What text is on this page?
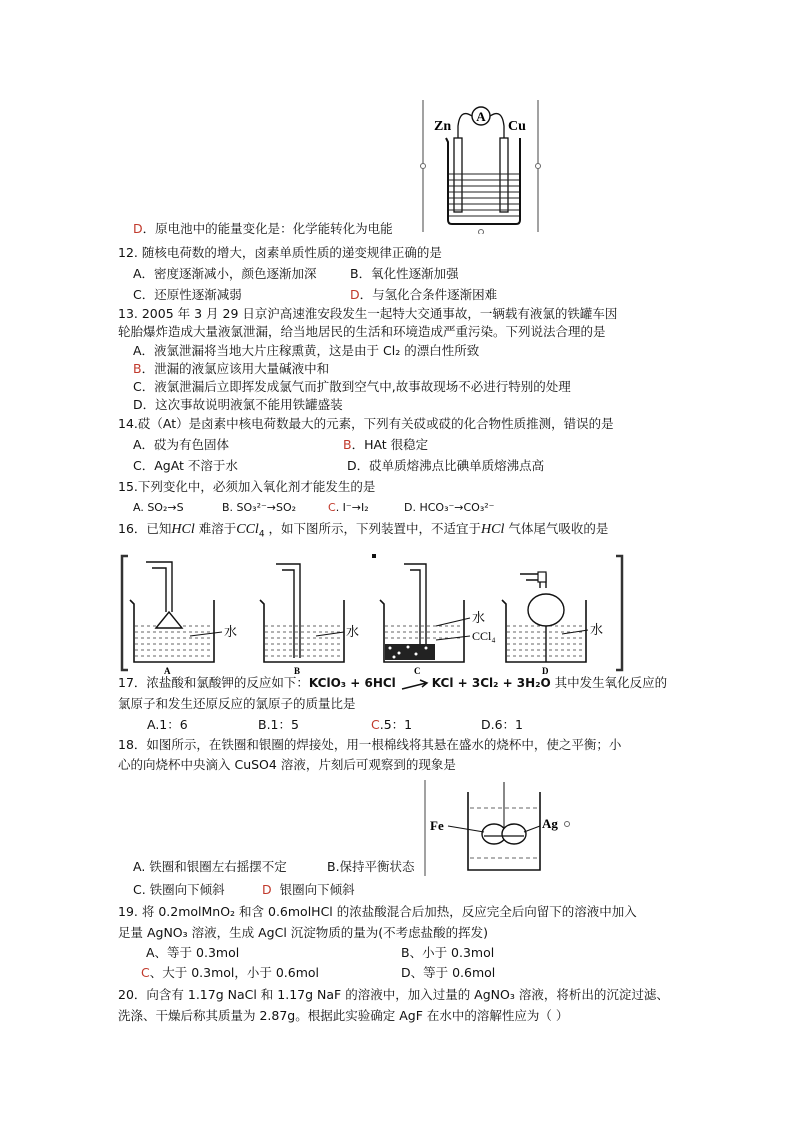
A
Zn	Cu
D．原电池中的能量变化是：化学能转化为电能
12. 随核电荷数的增大，卤素单质性质的递变规律正确的是
A．密度逐渐减小，颜色逐渐加深	B．氧化性逐渐加强
C．还原性逐渐减弱	D．与氢化合条件逐渐困难
13. 2005 年 3 月 29 日京沪高速淮安段发生一起特大交通事故，一辆载有液氯的铁罐车因
轮胎爆炸造成大量液氯泄漏，给当地居民的生活和环境造成严重污染。下列说法合理的是
A．液氯泄漏将当地大片庄稼熏黄，这是由于 Cl₂ 的漂白性所致
B．泄漏的液氯应该用大量碱液中和
C．液氯泄漏后立即挥发成氯气而扩散到空气中,故事故现场不必进行特别的处理
D．这次事故说明液氯不能用铁罐盛装
14.砹（At）是卤素中核电荷数最大的元素，下列有关砹或砹的化合物性质推测，错误的是
A．砹为有色固体	B．HAt 很稳定
C．AgAt 不溶于水	D．砹单质熔沸点比碘单质熔沸点高
15.下列变化中，必须加入氧化剂才能发生的是
A. SO₂→S	B. SO₃²⁻→SO₂	C. I⁻→I₂	D. HCO₃⁻→CO₃²⁻
16．已知HCl 难溶于CCl$_4$ ，如下图所示，下列装置中，不适宜于HCl 气体尾气吸收的是
水	水
水
CCl₄	水
A	B	C	D
17．浓盐酸和氯酸钾的反应如下：KClO₃ + 6HCl	KCl + 3Cl₂ + 3H₂O 其中发生氧化反应的
氯原子和发生还原反应的氯原子的质量比是
A.1：6	B.1：5	C.5：1	D.6：1
18．如图所示，在铁圈和银圈的焊接处，用一根棉线将其悬在盛水的烧杯中，使之平衡；小
心的向烧杯中央滴入 CuSO4 溶液，片刻后可观察到的现象是
Fe	Ag
A. 铁圈和银圈左右摇摆不定	B.保持平衡状态
C. 铁圈向下倾斜	D 银圈向下倾斜
19. 将 0.2molMnO₂ 和含 0.6molHCl 的浓盐酸混合后加热，反应完全后向留下的溶液中加入
足量 AgNO₃ 溶液，生成 AgCl 沉淀物质的量为(不考虑盐酸的挥发)
A、等于 0.3mol	B、小于 0.3mol
C、大于 0.3mol，小于 0.6mol	D、等于 0.6mol
20．向含有 1.17g NaCl 和 1.17g NaF 的溶液中，加入过量的 AgNO₃ 溶液，将析出的沉淀过滤、
洗涤、干燥后称其质量为 2.87g。根据此实验确定 AgF 在水中的溶解性应为（ ）
